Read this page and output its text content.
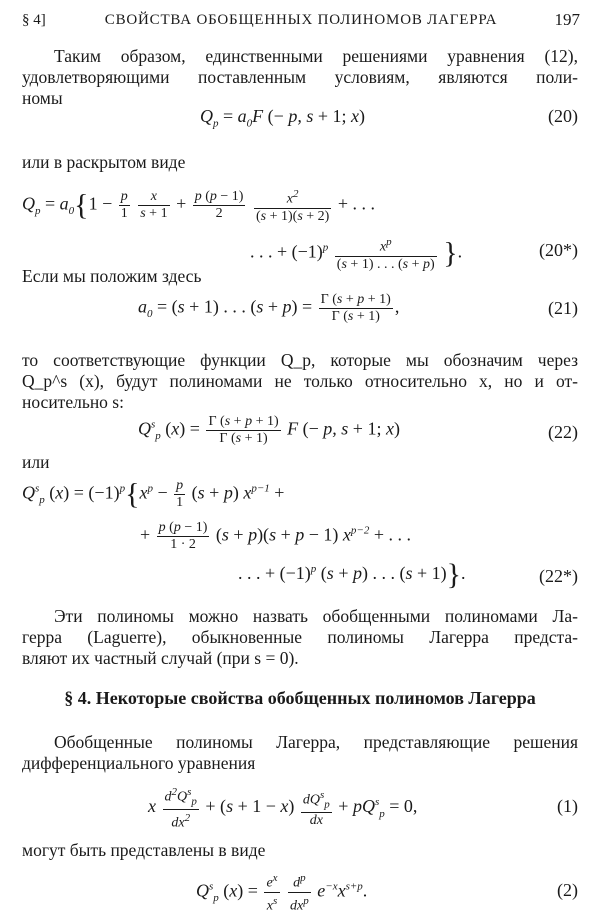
§ 4]	СВОЙСТВА ОБОБЩЕННЫХ ПОЛИНОМОВ ЛАГЕРРА	197
Таким образом, единственными решениями уравнения (12),
удовлетворяющими поставленным условиям, являются поли-
номы
$Q_p = a_0F$ (− p, s + 1; x)	(20)
или в раскрытом виде
$Q_p = a_0\{1 - \frac{p}{1}$
$\frac{x}{s + 1} + \frac{p (p - 1)}{2}$
$\frac{x^2}{(s + 1)(s + 2)}$ + . . .
. . . + $(-1)^p \frac{x^p}{(s + 1) . . . (s + p)}$ }.	(20*)
Если мы положим здесь
$a_0 = (s + 1)$ . . . $(s + p) = \frac{\Gamma (s + p + 1)}{\Gamma (s + 1)}$ ,	(21)
то соответствующие функции Q_p, которые мы обозначим через
Q_p^s (x), будут полиномами не только относительно x, но и от-
носительно s:
$Q^s_p$ $(x) = \frac{\Gamma (s + p + 1)}{\Gamma (s + 1)}$ F (− p, s + 1; x)	(22)
или
$Q^s_p$ $(x) = (-1)^p\{x^p - \frac{p}{1} (s + p) x^{p-1}$ +
+ $\frac{p (p - 1)}{1 \cdot 2} (s + p)(s + p - 1) x^{p-2}$ + . . .
. . . + $(-1)^p$ (s + p) . . . (s + 1)}.	(22*)
Эти полиномы можно назвать обобщенными полиномами Ла-
герра (Laguerre), обыкновенные полиномы Лагерра предста-
вляют их частный случай (при s = 0).
§ 4. Некоторые свойства обобщенных полиномов Лагерра
Обобщенные полиномы Лагерра, представляющие решения
дифференциального уравнения
x $\frac{d^2Q^s_p}{dx^2} + (s + 1 - x) \frac{dQ^s_p}{dx} + pQ^s_p = 0$,	(1)
могут быть представлены в виде
$Q^s_p$ $(x) = \frac{e^x}{x^s}$
$\frac{d^p}{dx^p} e^{-x}x^{s+p}$.	(2)
